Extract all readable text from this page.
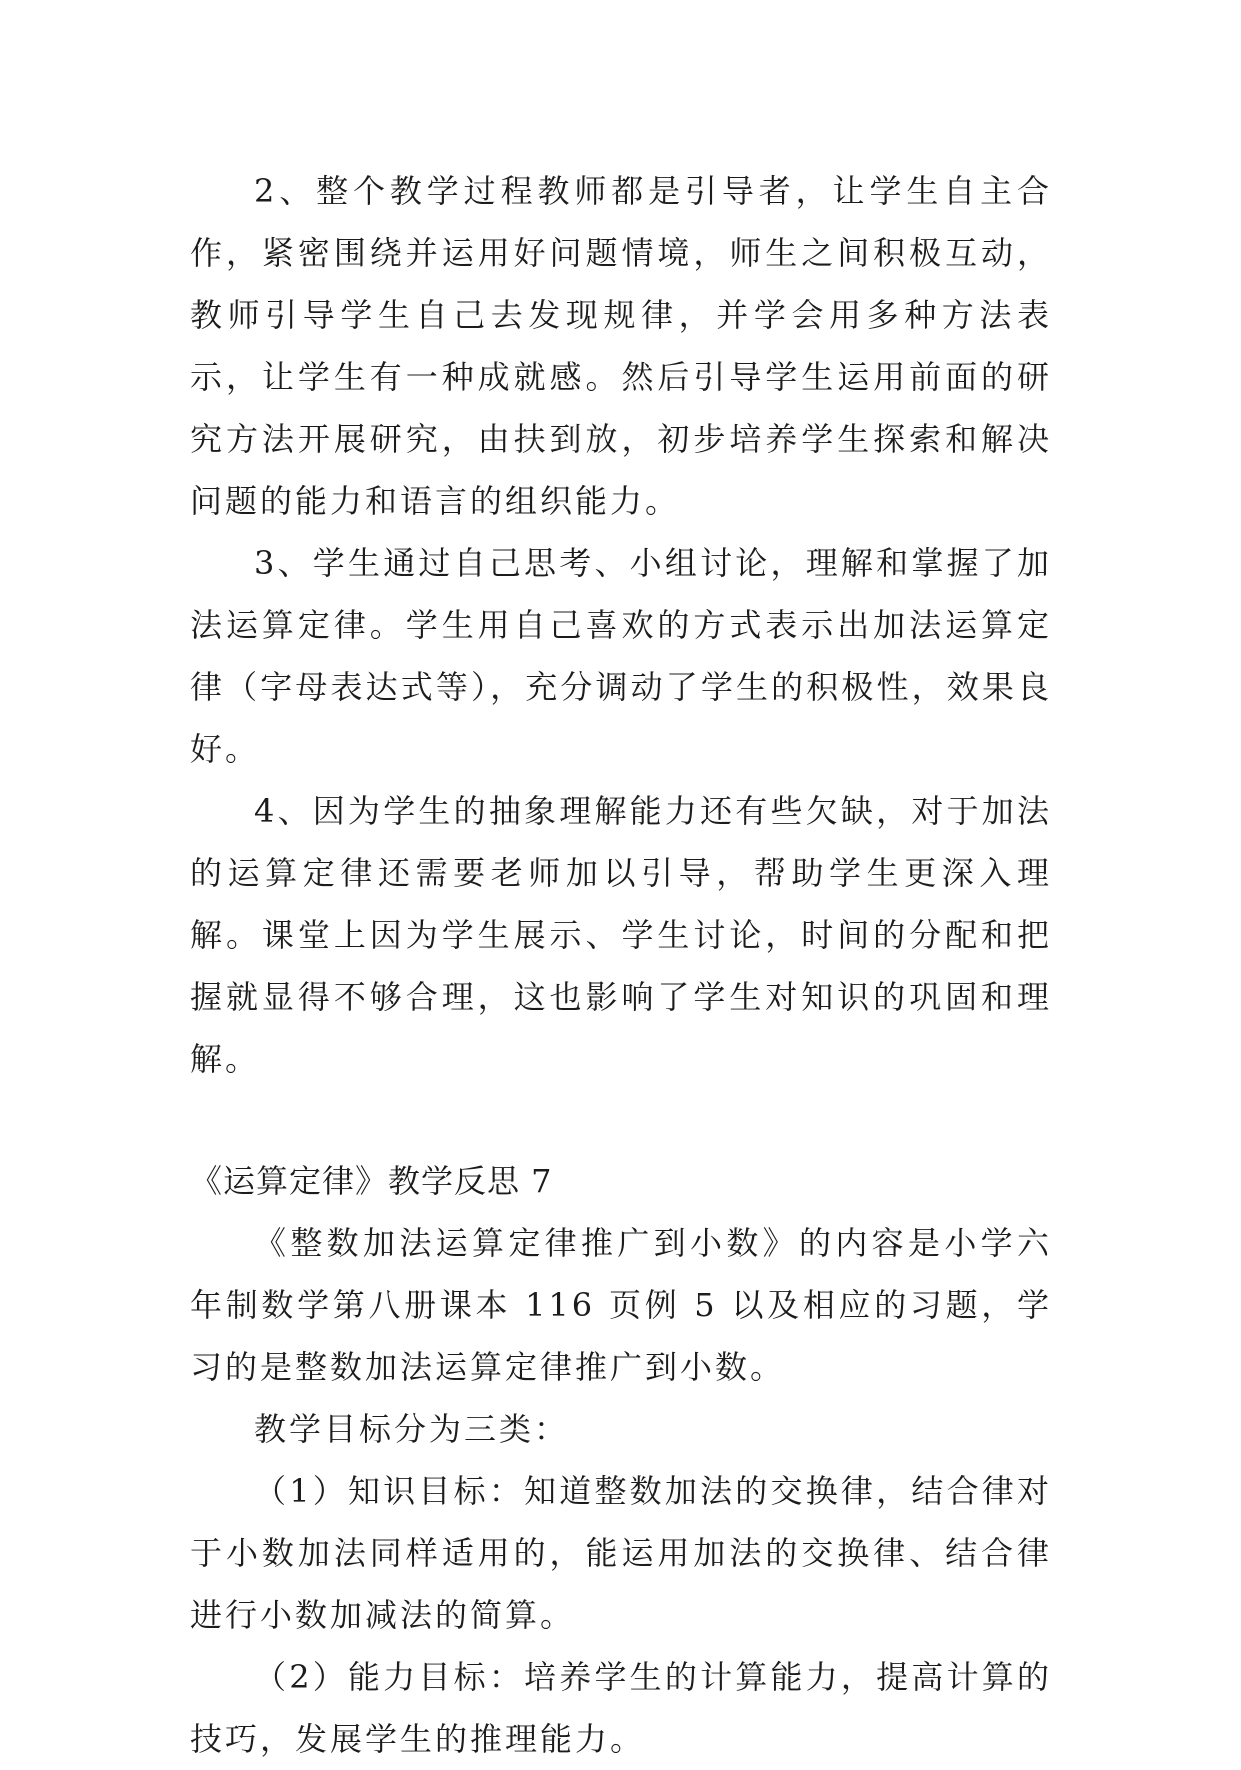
2、整个教学过程教师都是引导者，让学生自主合作，紧密围绕并运用好问题情境，师生之间积极互动，教师引导学生自己去发现规律，并学会用多种方法表示，让学生有一种成就感。然后引导学生运用前面的研究方法开展研究，由扶到放，初步培养学生探索和解决问题的能力和语言的组织能力。

3、学生通过自己思考、小组讨论，理解和掌握了加法运算定律。学生用自己喜欢的方式表示出加法运算定律（字母表达式等），充分调动了学生的积极性，效果良好。

4、因为学生的抽象理解能力还有些欠缺，对于加法的运算定律还需要老师加以引导，帮助学生更深入理解。课堂上因为学生展示、学生讨论，时间的分配和把握就显得不够合理，这也影响了学生对知识的巩固和理解。

《运算定律》教学反思 7

《整数加法运算定律推广到小数》的内容是小学六年制数学第八册课本 116 页例 5 以及相应的习题，学习的是整数加法运算定律推广到小数。

教学目标分为三类：

（1）知识目标：知道整数加法的交换律，结合律对于小数加法同样适用的，能运用加法的交换律、结合律进行小数加减法的简算。

（2）能力目标：培养学生的计算能力，提高计算的技巧，发展学生的推理能力。
